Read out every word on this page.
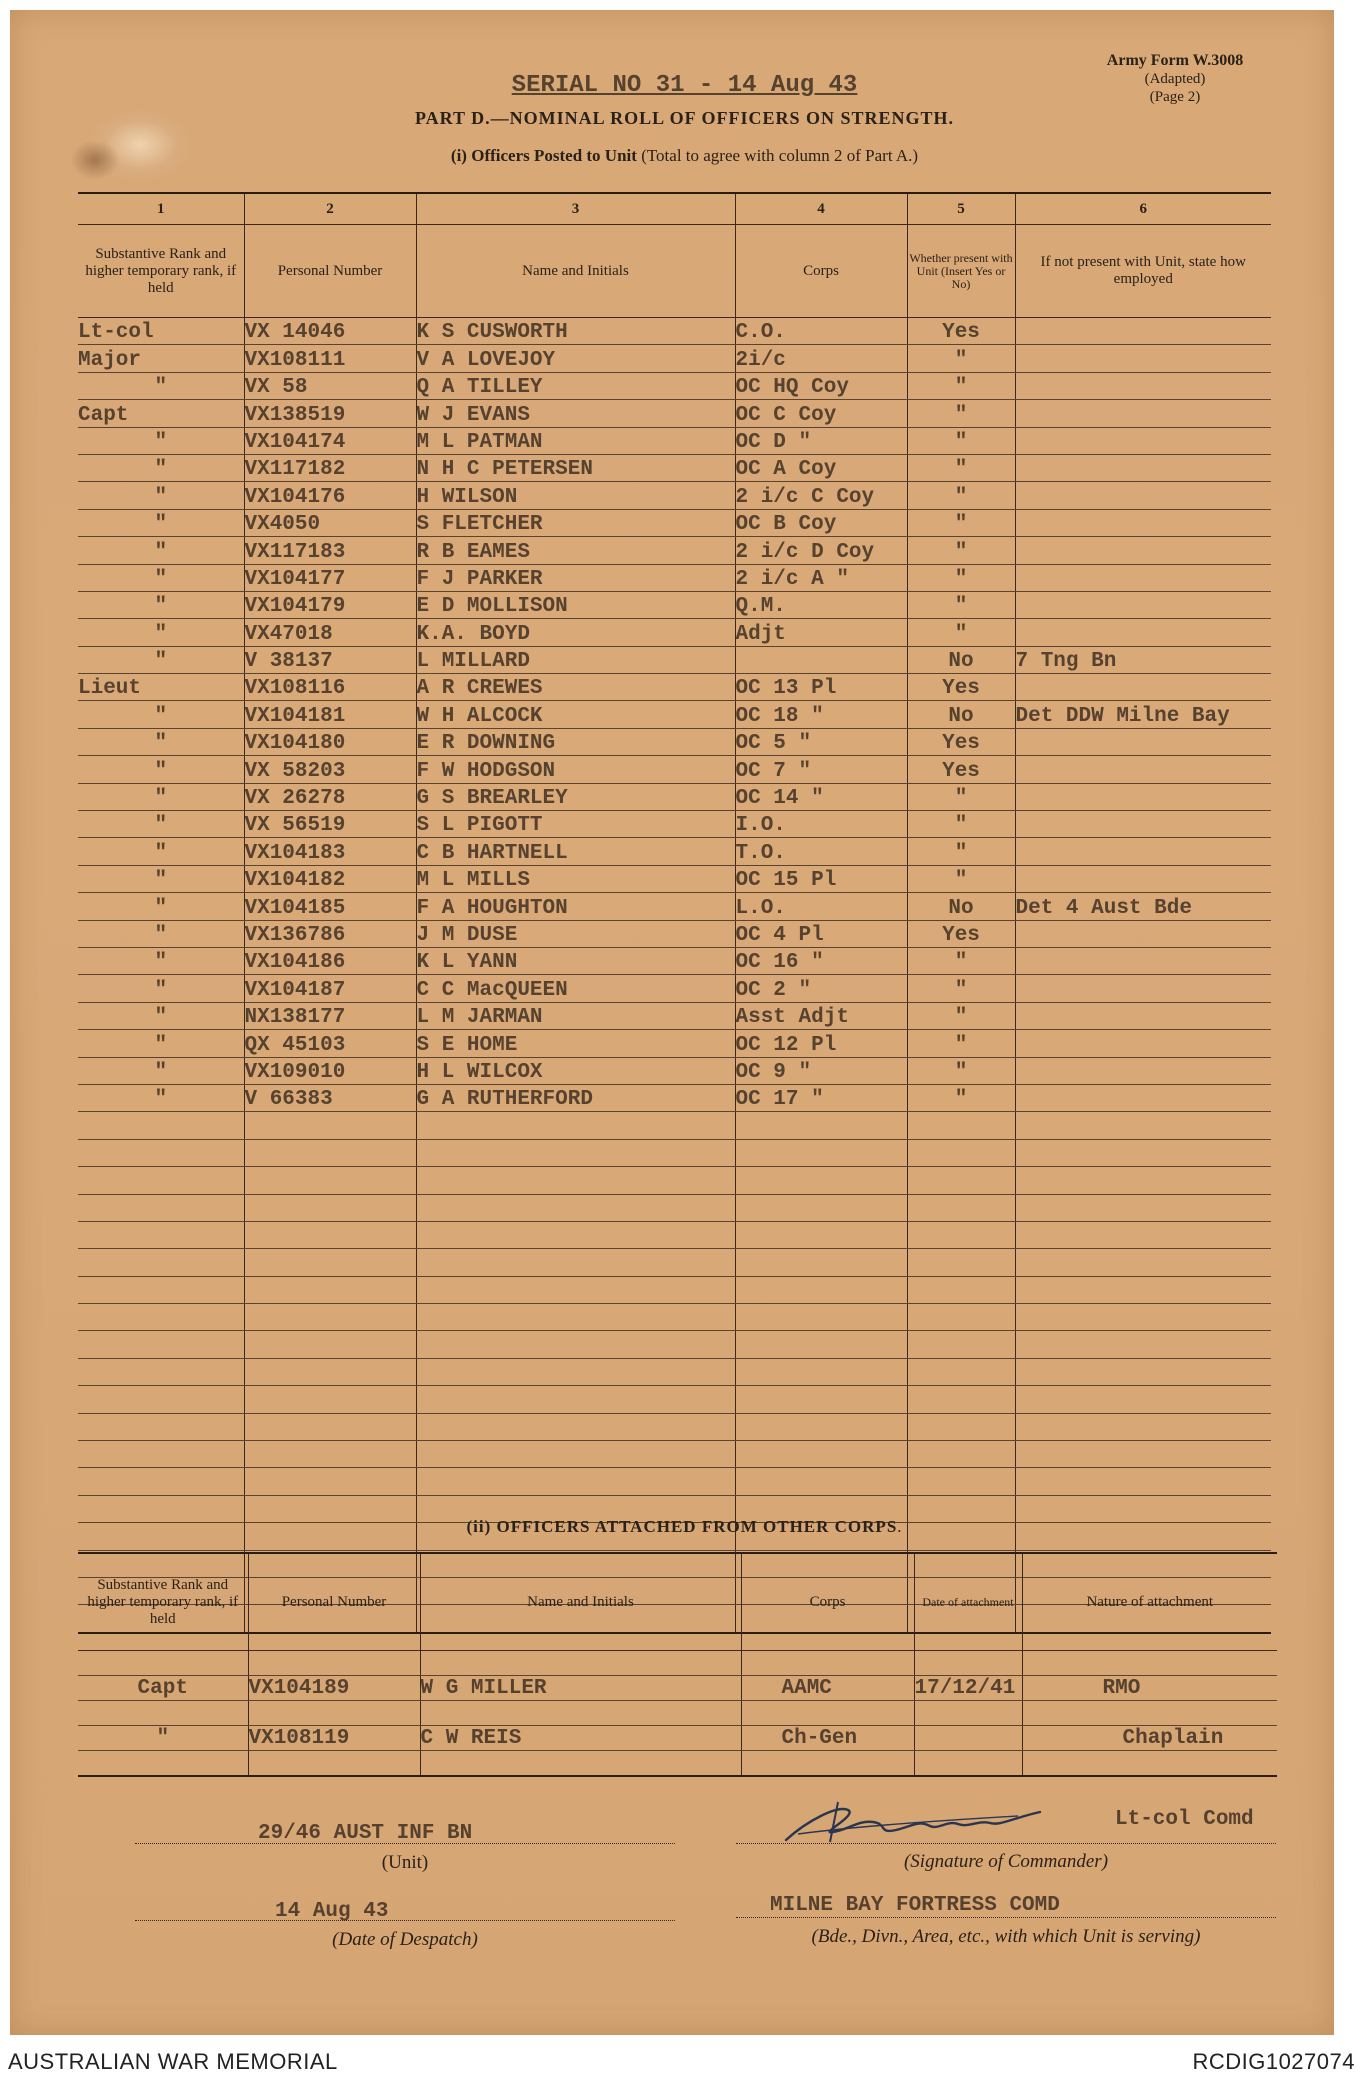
Army Form W.3008
(Adapted)
(Page 2)
SERIAL NO 31 - 14 Aug 43
PART D.—NOMINAL ROLL OF OFFICERS ON STRENGTH.
(i) Officers Posted to Unit (Total to agree with column 2 of Part A.)
1	2	3	4	5	6
Substantive Rank and higher temporary rank, if held	Personal Number	Name and Initials	Corps	Whether present with Unit (Insert Yes or No)	If not present with Unit, state how employed
Lt-col	VX 14046	K S CUSWORTH	C.O.	Yes	
Major	VX108111	V A LOVEJOY	2i/c	"	
"	VX 58	Q A TILLEY	OC HQ Coy	"	
Capt	VX138519	W J EVANS	OC C Coy	"	
"	VX104174	M L PATMAN	OC D "	"	
"	VX117182	N H C PETERSEN	OC A Coy	"	
"	VX104176	H WILSON	2 i/c C Coy	"	
"	VX4050	S FLETCHER	OC B Coy	"	
"	VX117183	R B EAMES	2 i/c D Coy	"	
"	VX104177	F J PARKER	2 i/c A "	"	
"	VX104179	E D MOLLISON	Q.M.	"	
"	VX47018	K.A. BOYD	Adjt	"	
"	V 38137	L MILLARD		No	7 Tng Bn
Lieut	VX108116	A R CREWES	OC 13 Pl	Yes	
"	VX104181	W H ALCOCK	OC 18 "	No	Det DDW Milne Bay
"	VX104180	E R DOWNING	OC 5 "	Yes	
"	VX 58203	F W HODGSON	OC 7 "	Yes	
"	VX 26278	G S BREARLEY	OC 14 "	"	
"	VX 56519	S L PIGOTT	I.O.	"	
"	VX104183	C B HARTNELL	T.O.	"	
"	VX104182	M L MILLS	OC 15 Pl	"	
"	VX104185	F A HOUGHTON	L.O.	No	Det 4 Aust Bde
"	VX136786	J M DUSE	OC 4 Pl	Yes	
"	VX104186	K L YANN	OC 16 "	"	
"	VX104187	C C MacQUEEN	OC 2 "	"	
"	NX138177	L M JARMAN	Asst Adjt	"	
"	QX 45103	S E HOME	OC 12 Pl	"	
"	VX109010	H L WILCOX	OC 9 "	"	
"	V 66383	G A RUTHERFORD	OC 17 "	"	

(ii) OFFICERS ATTACHED FROM OTHER CORPS.
Substantive Rank and higher temporary rank, if held	Personal Number	Name and Initials	Corps	Date of attachment	Nature of attachment

Capt	VX104189	W G MILLER	AAMC	17/12/41	RMO

"	VX108119	C W REIS	Ch-Gen		Chaplain

29/46 AUST INF BN
(Unit)
Lt-col Comd
(Signature of Commander)
14 Aug 43
(Date of Despatch)
MILNE BAY FORTRESS COMD
(Bde., Divn., Area, etc., with which Unit is serving)
AUSTRALIAN WAR MEMORIAL	RCDIG1027074
